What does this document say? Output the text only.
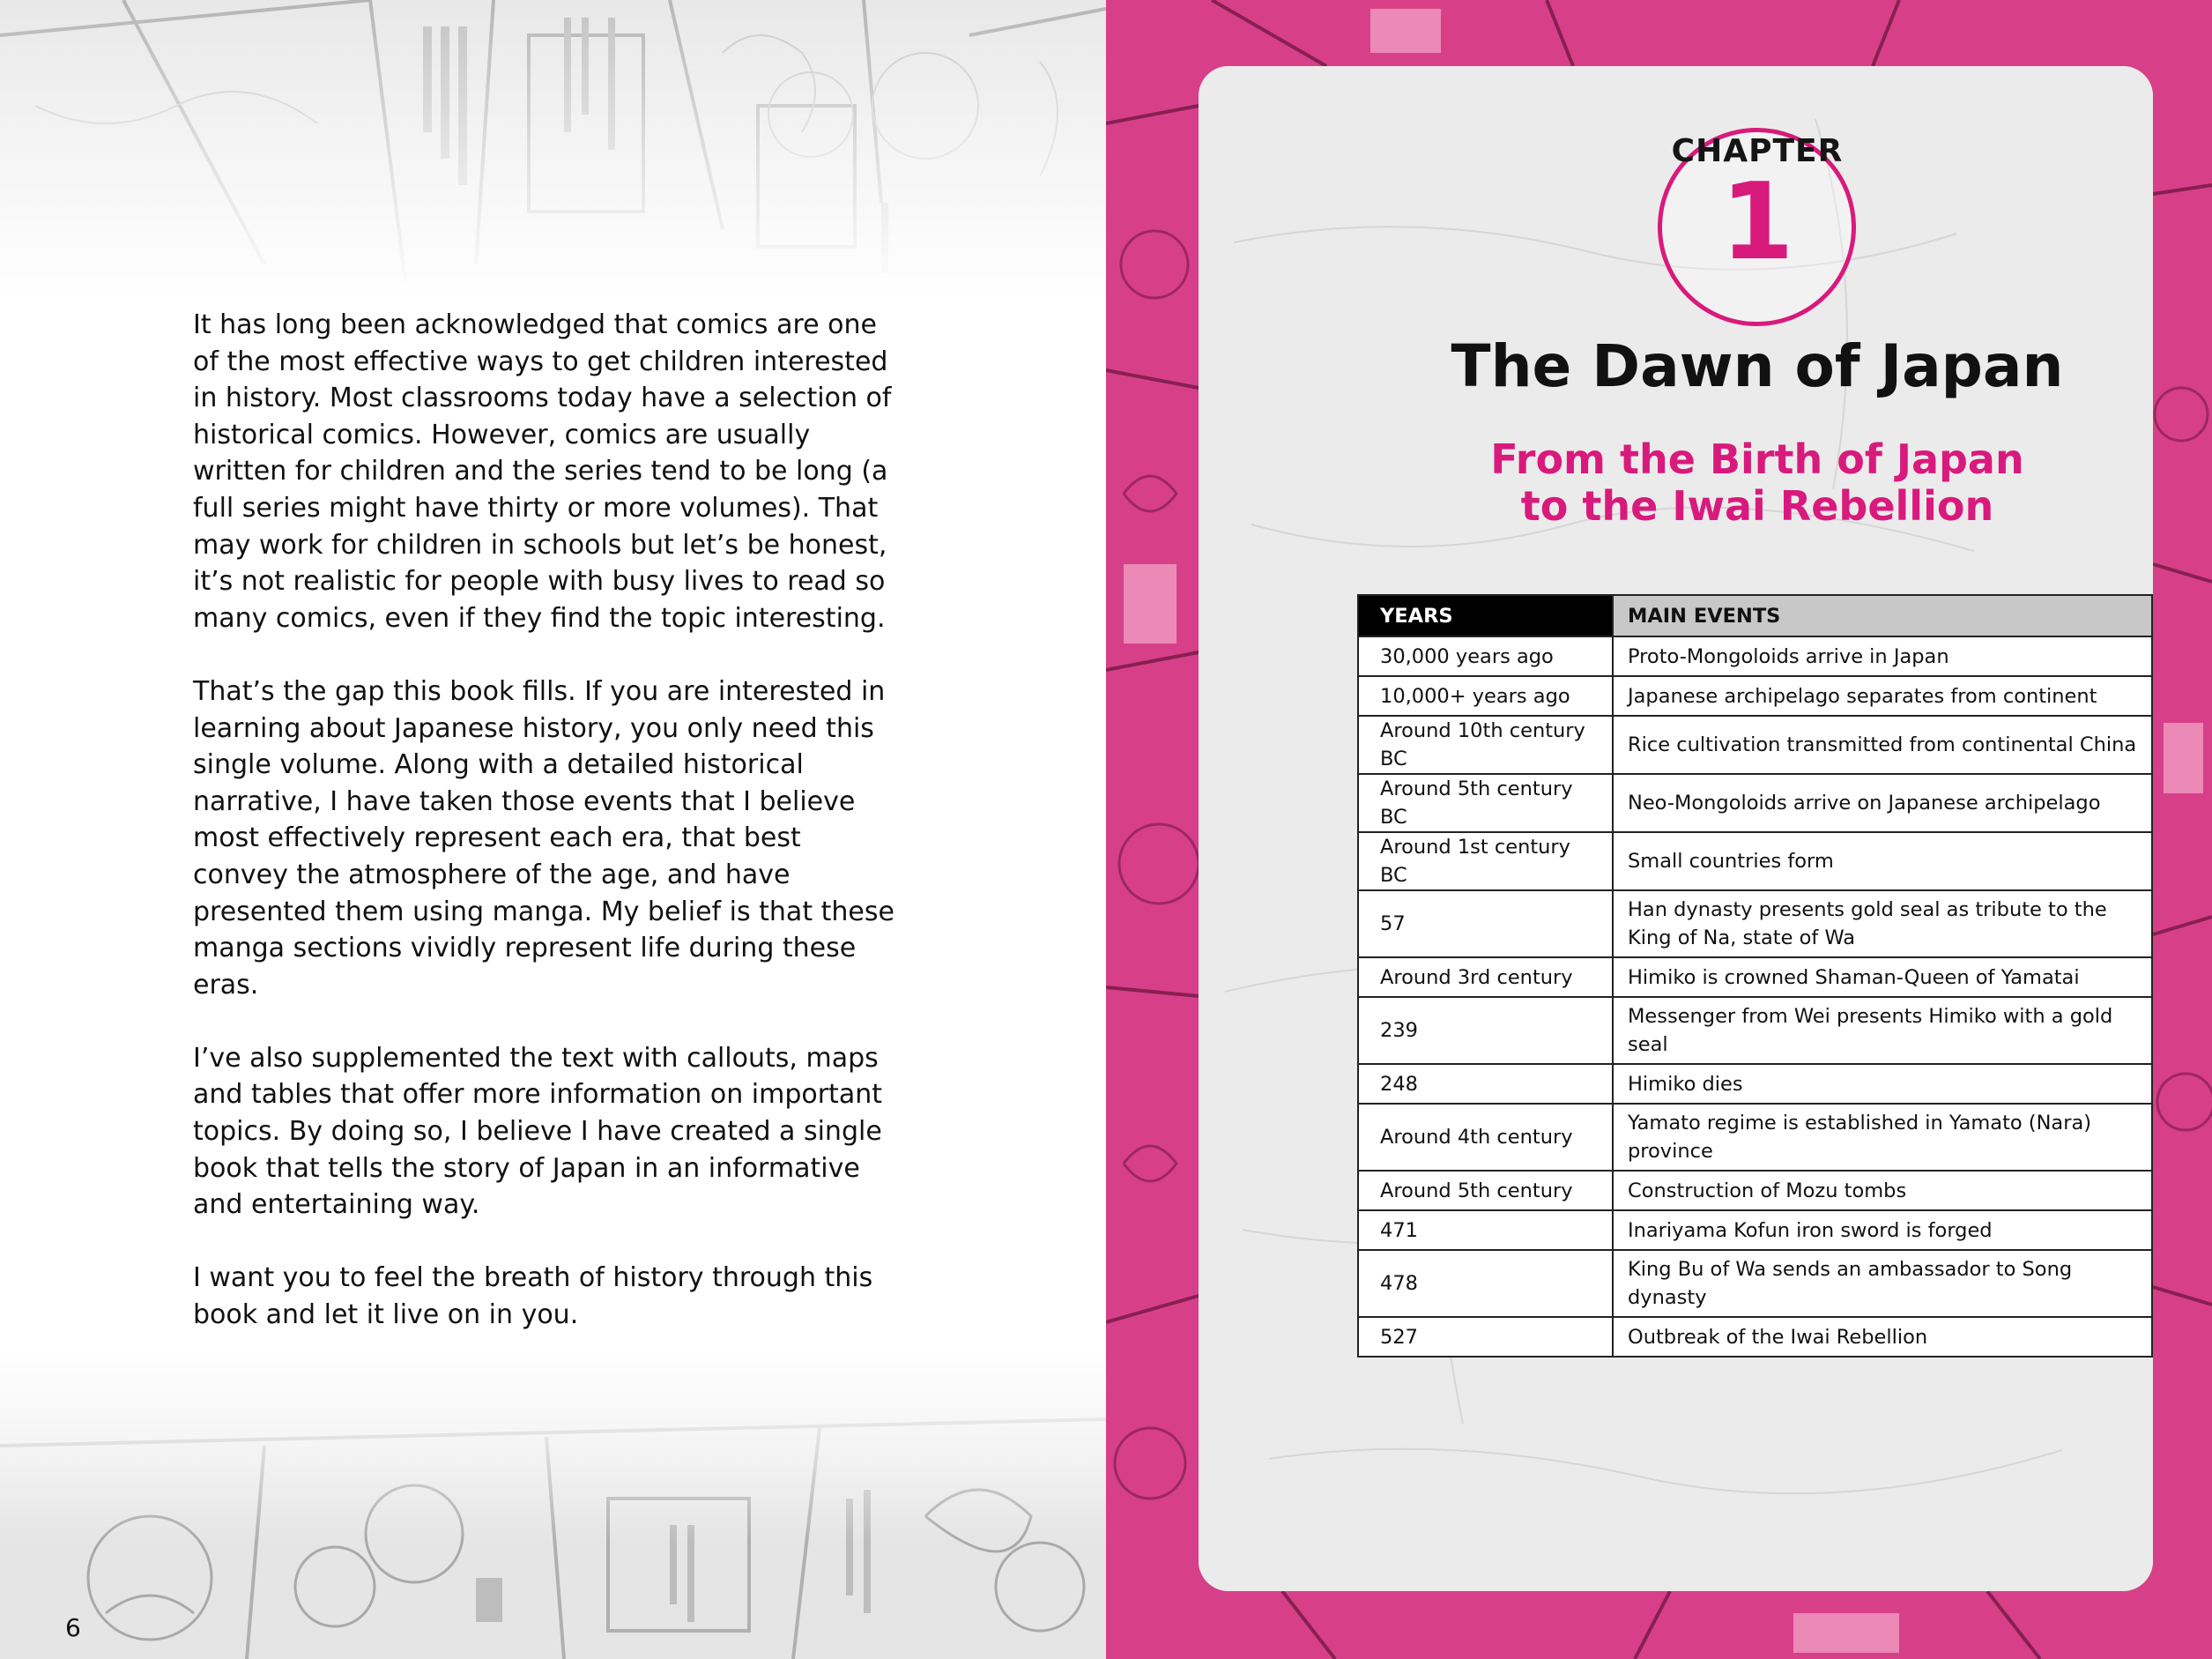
It has long been acknowledged that comics are one of the most effective ways to get children interested in history. Most classrooms today have a selection of historical comics. However, comics are usually written for children and the series tend to be long (a full series might have thirty or more volumes). That may work for children in schools but let’s be honest, it’s not realistic for people with busy lives to read so many comics, even if they find the topic interesting.

That’s the gap this book fills. If you are interested in learning about Japanese history, you only need this single volume. Along with a detailed historical narrative, I have taken those events that I believe most effectively represent each era, that best convey the atmosphere of the age, and have presented them using manga. My belief is that these manga sections vividly represent life during these eras.

I’ve also supplemented the text with callouts, maps and tables that offer more information on important topics. By doing so, I believe I have created a single book that tells the story of Japan in an informative and entertaining way.

I want you to feel the breath of history through this book and let it live on in you.

6
CHAPTER
1
The Dawn of Japan
From the Birth of Japan
to the Iwai Rebellion
YEARS	MAIN EVENTS
30,000 years ago	Proto-Mongoloids arrive in Japan
10,000+ years ago	Japanese archipelago separates from continent
Around 10th century BC	Rice cultivation transmitted from continental China
Around 5th century BC	Neo-Mongoloids arrive on Japanese archipelago
Around 1st century BC	Small countries form
57	Han dynasty presents gold seal as tribute to the King of Na, state of Wa
Around 3rd century	Himiko is crowned Shaman-Queen of Yamatai
239	Messenger from Wei presents Himiko with a gold seal
248	Himiko dies
Around 4th century	Yamato regime is established in Yamato (Nara) province
Around 5th century	Construction of Mozu tombs
471	Inariyama Kofun iron sword is forged
478	King Bu of Wa sends an ambassador to Song dynasty
527	Outbreak of the Iwai Rebellion
